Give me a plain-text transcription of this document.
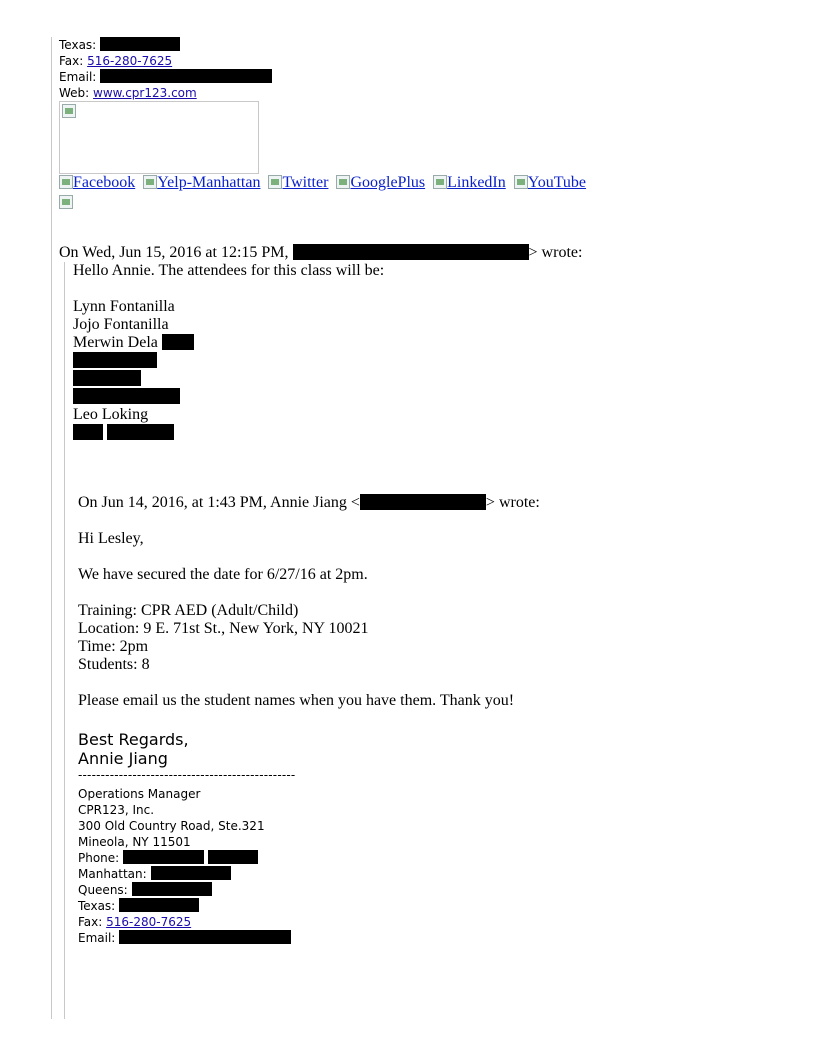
Texas:
Fax: 516-280-7625
Email:
Web: www.cpr123.com
Facebook Yelp-Manhattan Twitter GooglePlus LinkedIn YouTube
On Wed, Jun 15, 2016 at 12:15 PM,	> wrote:
Hello Annie. The attendees for this class will be:
Lynn Fontanilla
Jojo Fontanilla
Merwin Dela
Leo Loking

On Jun 14, 2016, at 1:43 PM, Annie Jiang <	> wrote:
Hi Lesley,
We have secured the date for 6/27/16 at 2pm.
Training: CPR AED (Adult/Child)
Location: 9 E. 71st St., New York, NY 10021
Time: 2pm
Students: 8
Please email us the student names when you have them. Thank you!
Best Regards,
Annie Jiang
------------------------------------------------
Operations Manager
CPR123, Inc.
300 Old Country Road, Ste.321
Mineola, NY 11501
Phone:
Manhattan:
Queens:
Texas:
Fax: 516-280-7625
Email:
